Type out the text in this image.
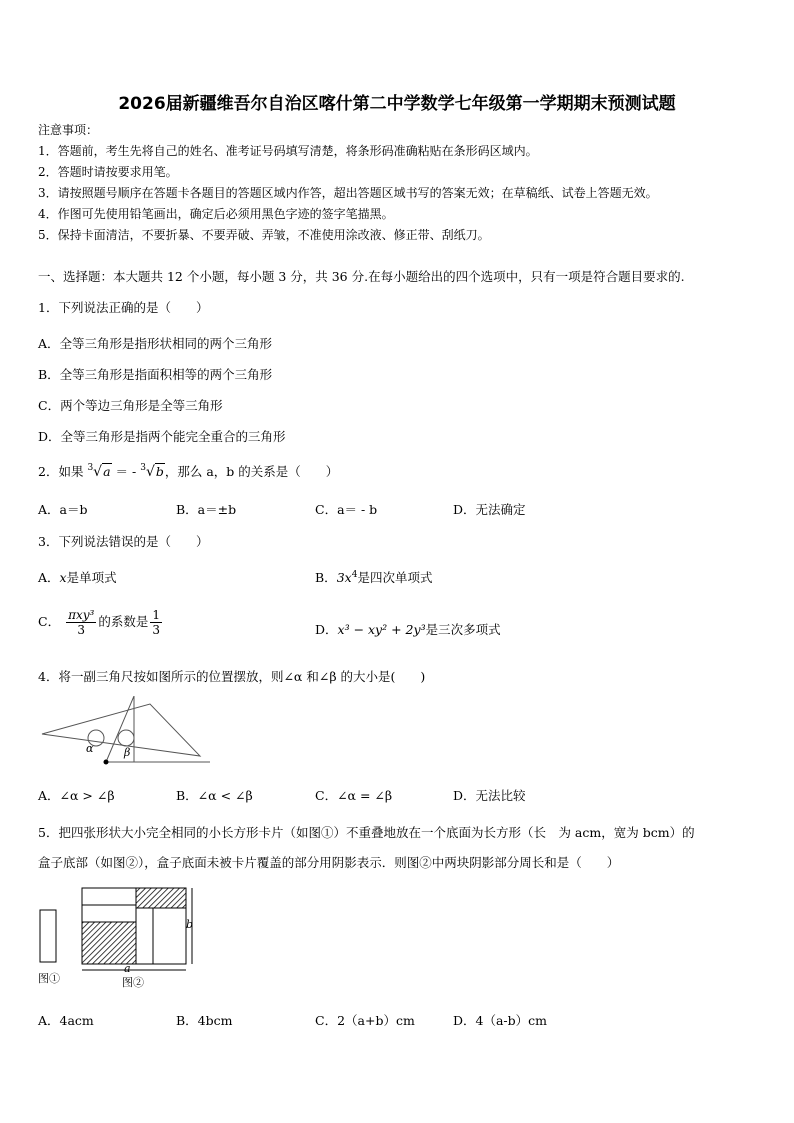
2026届新疆维吾尔自治区喀什第二中学数学七年级第一学期期末预测试题
注意事项：
1．答题前，考生先将自己的姓名、准考证号码填写清楚，将条形码准确粘贴在条形码区域内。
2．答题时请按要求用笔。
3．请按照题号顺序在答题卡各题目的答题区域内作答，超出答题区域书写的答案无效；在草稿纸、试卷上答题无效。
4．作图可先使用铅笔画出，确定后必须用黑色字迹的签字笔描黑。
5．保持卡面清洁，不要折暴、不要弄破、弄皱，不准使用涂改液、修正带、刮纸刀。
一、选择题：本大题共 12 个小题，每小题 3 分，共 36 分.在每小题给出的四个选项中，只有一项是符合题目要求的.
1．下列说法正确的是（　　）
A．全等三角形是指形状相同的两个三角形
B．全等三角形是指面积相等的两个三角形
C．两个等边三角形是全等三角形
D．全等三角形是指两个能完全重合的三角形
2．如果 $^3$√a ＝ - $^3$√b，那么 a，b 的关系是（　　）
A．a＝b	B．a＝±b	C．a＝ - b	D．无法确定
3．下列说法错误的是（　　）
A．x是单项式	B．$3x^4$是四次单项式
C． $\frac{\text{πxy³}}{3}$ 的系数是 $\frac{1}{3}$	D．x³ − xy² + 2y³是三次多项式
4．将一副三角尺按如图所示的位置摆放，则∠α 和∠β 的大小是(　　)
α	β
A．∠α > ∠β	B．∠α < ∠β	C．∠α = ∠β	D．无法比较
5．把四张形状大小完全相同的小长方形卡片（如图①）不重叠地放在一个底面为长方形（长　为 acm，宽为 bcm）的
盒子底部（如图②），盒子底面未被卡片覆盖的部分用阴影表示．则图②中两块阴影部分周长和是（　　）
图①
b
a
图②
A．4acm	B．4bcm	C．2（a+b）cm	D．4（a-b）cm
